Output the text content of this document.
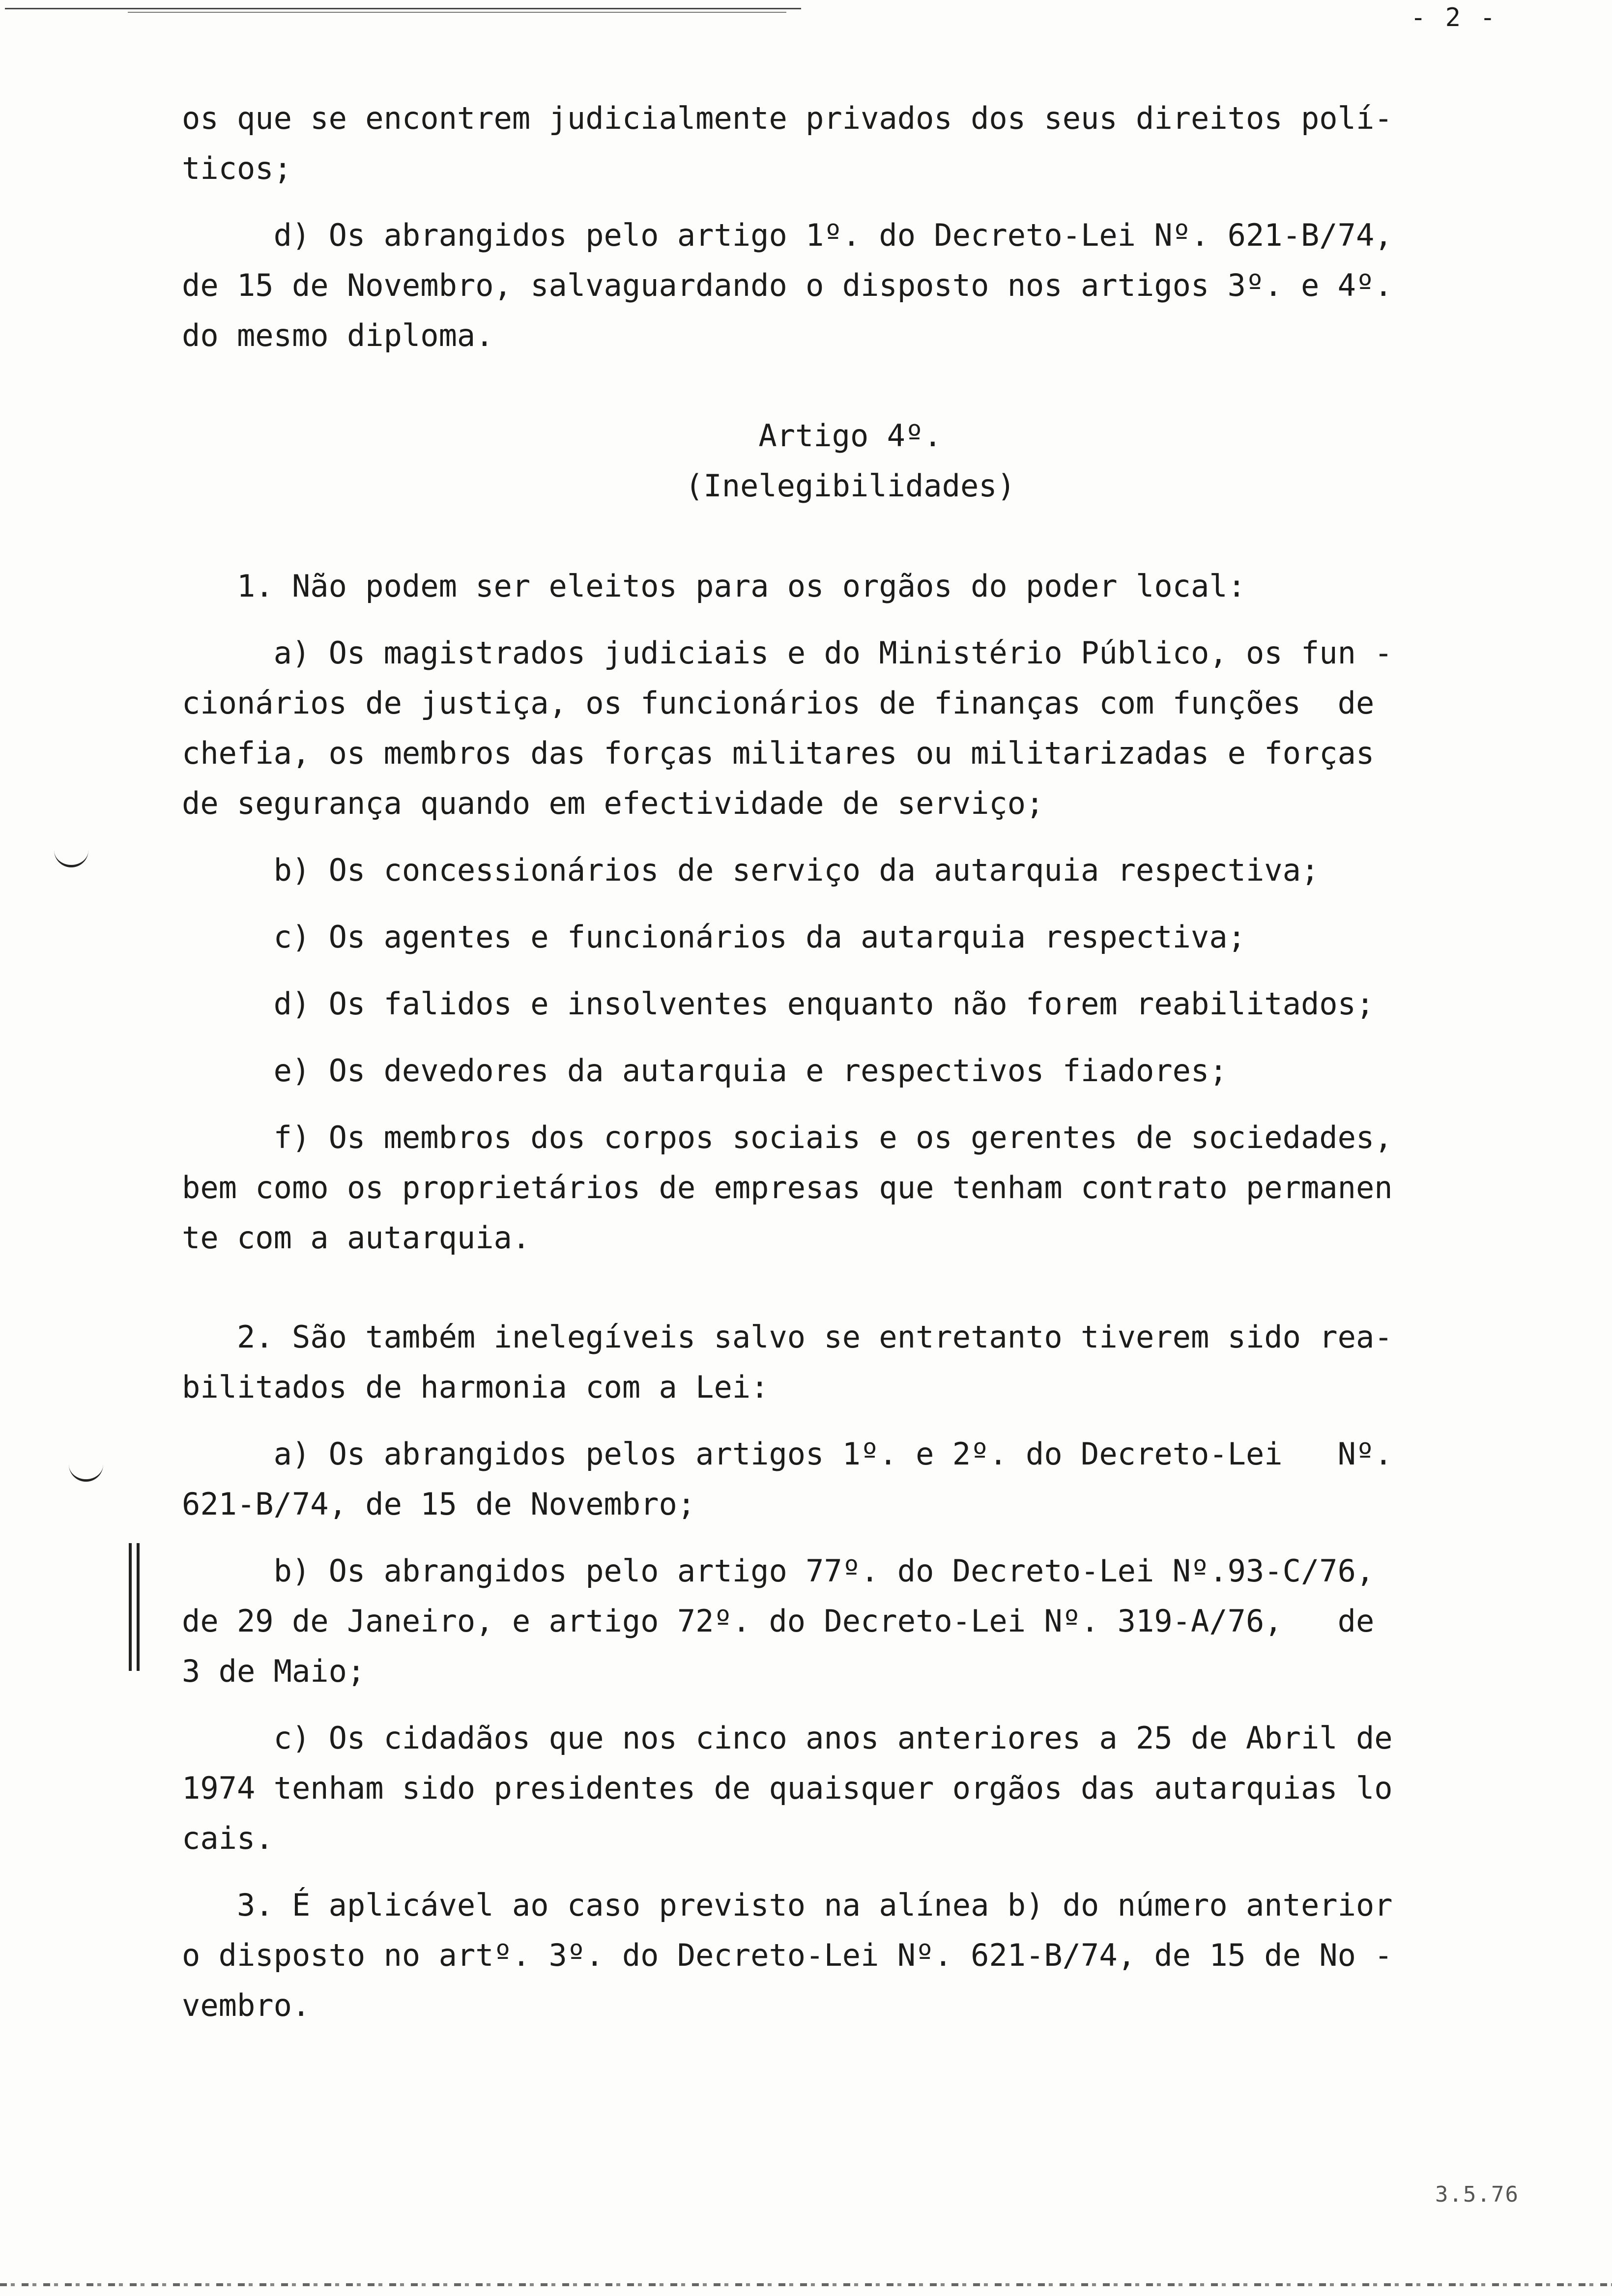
- 2 -
os que se encontrem judicialmente privados dos seus direitos polí-
ticos;
d) Os abrangidos pelo artigo 1º. do Decreto-Lei Nº. 621-B/74,
de 15 de Novembro, salvaguardando o disposto nos artigos 3º. e 4º.
do mesmo diploma.
Artigo 4º.
(Inelegibilidades)
1. Não podem ser eleitos para os orgãos do poder local:
a) Os magistrados judiciais e do Ministério Público, os fun -
cionários de justiça, os funcionários de finanças com funções  de
chefia, os membros das forças militares ou militarizadas e forças
de segurança quando em efectividade de serviço;
b) Os concessionários de serviço da autarquia respectiva;
c) Os agentes e funcionários da autarquia respectiva;
d) Os falidos e insolventes enquanto não forem reabilitados;
e) Os devedores da autarquia e respectivos fiadores;
f) Os membros dos corpos sociais e os gerentes de sociedades,
bem como os proprietários de empresas que tenham contrato permanen
te com a autarquia.
2. São também inelegíveis salvo se entretanto tiverem sido rea-
bilitados de harmonia com a Lei:
a) Os abrangidos pelos artigos 1º. e 2º. do Decreto-Lei   Nº.
621-B/74, de 15 de Novembro;
b) Os abrangidos pelo artigo 77º. do Decreto-Lei Nº.93-C/76,
de 29 de Janeiro, e artigo 72º. do Decreto-Lei Nº. 319-A/76,   de
3 de Maio;
c) Os cidadãos que nos cinco anos anteriores a 25 de Abril de
1974 tenham sido presidentes de quaisquer orgãos das autarquias lo
cais.
3. É aplicável ao caso previsto na alínea b) do número anterior
o disposto no artº. 3º. do Decreto-Lei Nº. 621-B/74, de 15 de No -
vembro.
3.5.76
